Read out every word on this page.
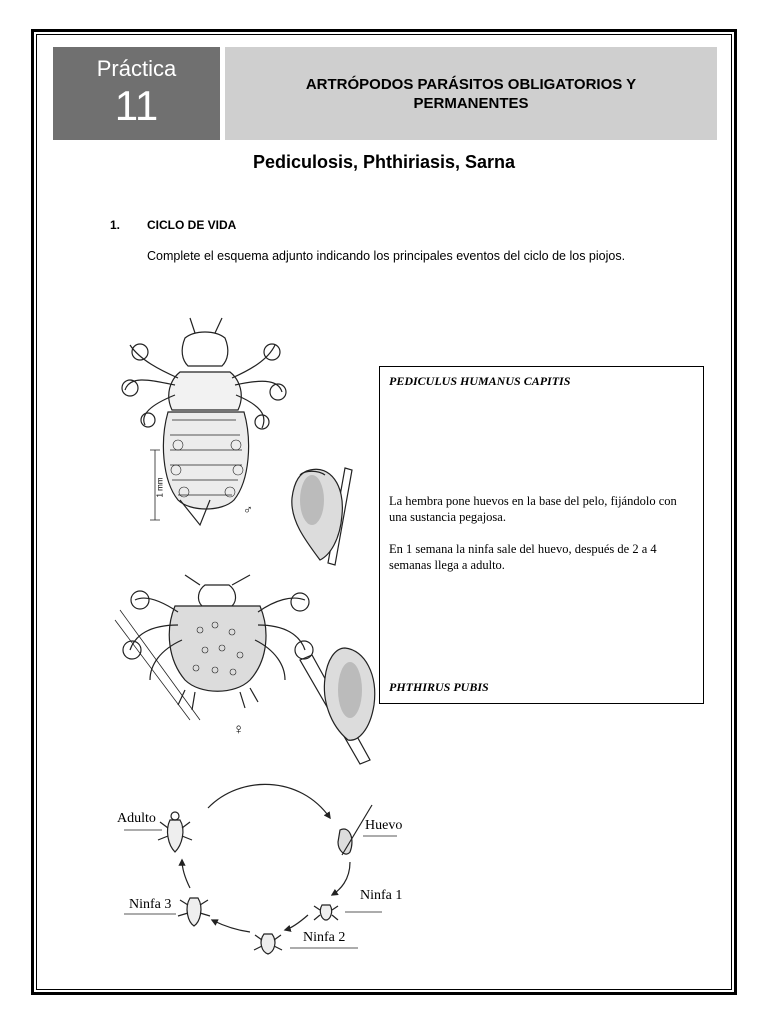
Práctica
11	ARTRÓPODOS PARÁSITOS OBLIGATORIOS Y PERMANENTES
Pediculosis, Phthiriasis, Sarna
1. CICLO DE VIDA
Complete el esquema adjunto indicando los principales eventos del ciclo de los piojos.
1 mm
♂
♀
PEDICULUS HUMANUS CAPITIS
La hembra pone huevos en la base del pelo, fijándolo con una sustancia pegajosa.
En 1 semana la ninfa sale del huevo, después de 2 a 4 semanas llega a adulto.
PHTHIRUS PUBIS
Adulto	Huevo
Ninfa 1
Ninfa 2
Ninfa 3
